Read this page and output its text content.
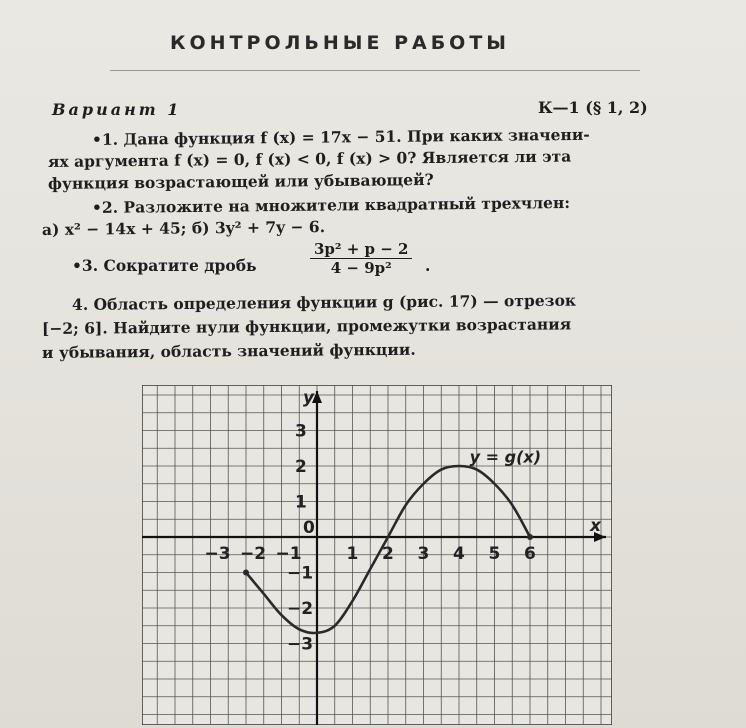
КОНТРОЛЬНЫЕ РАБОТЫ
Вариант 1	К—1 (§ 1, 2)
•1. Дана функция f (x) = 17x − 51. При каких значени-
ях аргумента f (x) = 0, f (x) < 0, f (x) > 0? Является ли эта
функция возрастающей или убывающей?
•2. Разложите на множители квадратный трехчлен:
а) x² − 14x + 45; б) 3y² + 7y − 6.
•3. Сократите дробь	$\frac{\text{3p² + p − 2}}{\text{4 − 9p²}}$ .
4. Область определения функции g (рис. 17) — отрезок
[−2; 6]. Найдите нули функции, промежутки возрастания
и убывания, область значений функции.
x
y
−3 −2 −1
0
1 2 3 4 5 6
3
2
1
−1
−2
−3
y = g(x)
